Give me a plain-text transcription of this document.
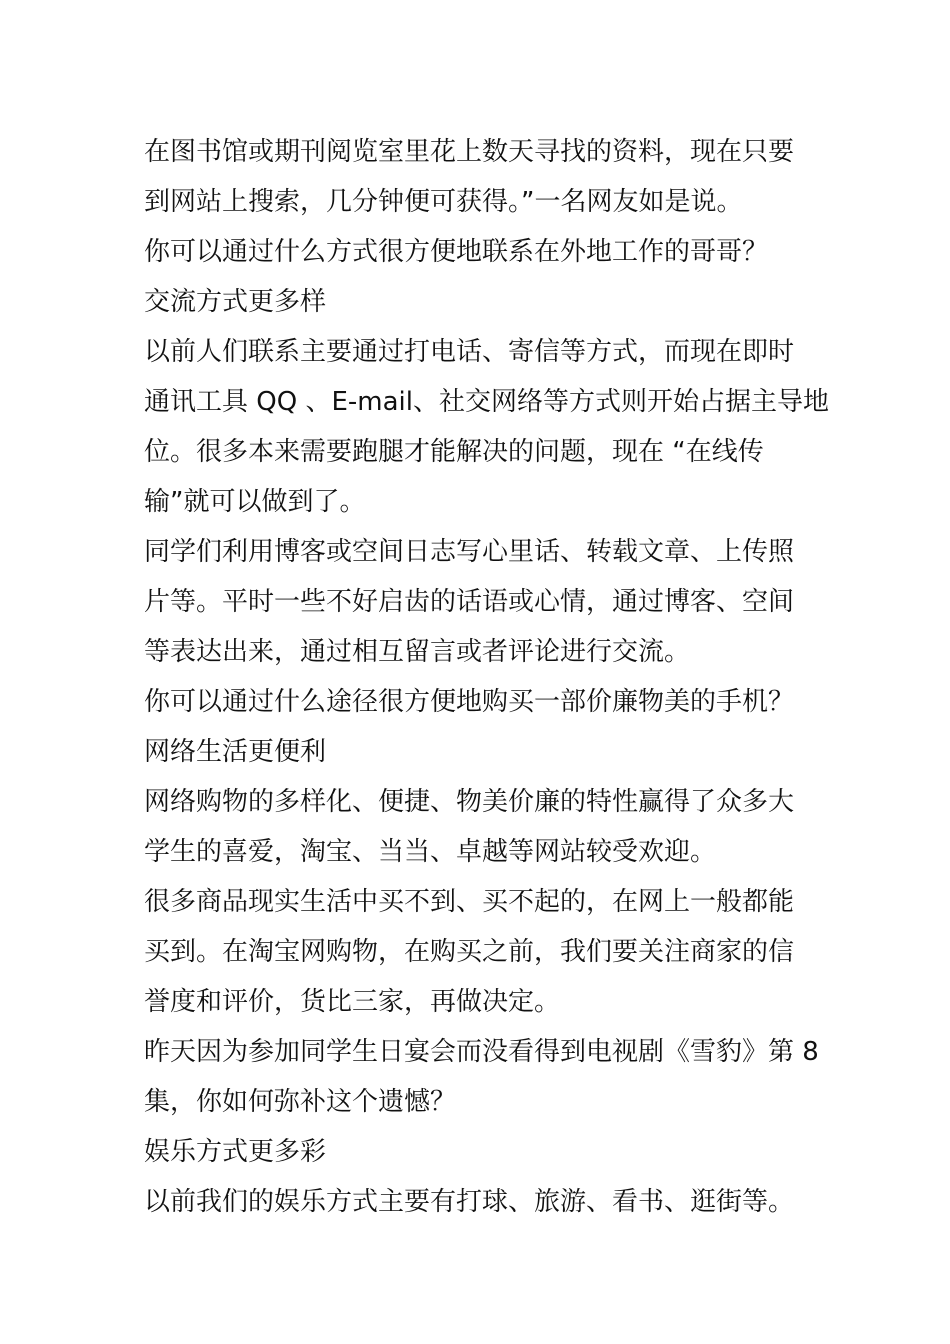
在图书馆或期刊阅览室里花上数天寻找的资料，现在只要
到网站上搜索，几分钟便可获得。”一名网友如是说。
你可以通过什么方式很方便地联系在外地工作的哥哥？
交流方式更多样
以前人们联系主要通过打电话、寄信等方式，而现在即时
通讯工具 QQ 、E-mail、社交网络等方式则开始占据主导地
位。很多本来需要跑腿才能解决的问题，现在 “在线传
输”就可以做到了。
同学们利用博客或空间日志写心里话、转载文章、上传照
片等。平时一些不好启齿的话语或心情，通过博客、空间
等表达出来，通过相互留言或者评论进行交流。
你可以通过什么途径很方便地购买一部价廉物美的手机？
网络生活更便利
网络购物的多样化、便捷、物美价廉的特性赢得了众多大
学生的喜爱，淘宝、当当、卓越等网站较受欢迎。
很多商品现实生活中买不到、买不起的，在网上一般都能
买到。在淘宝网购物，在购买之前，我们要关注商家的信
誉度和评价，货比三家，再做决定。
昨天因为参加同学生日宴会而没看得到电视剧《雪豹》第 8
集，你如何弥补这个遗憾？
娱乐方式更多彩
以前我们的娱乐方式主要有打球、旅游、看书、逛街等。
